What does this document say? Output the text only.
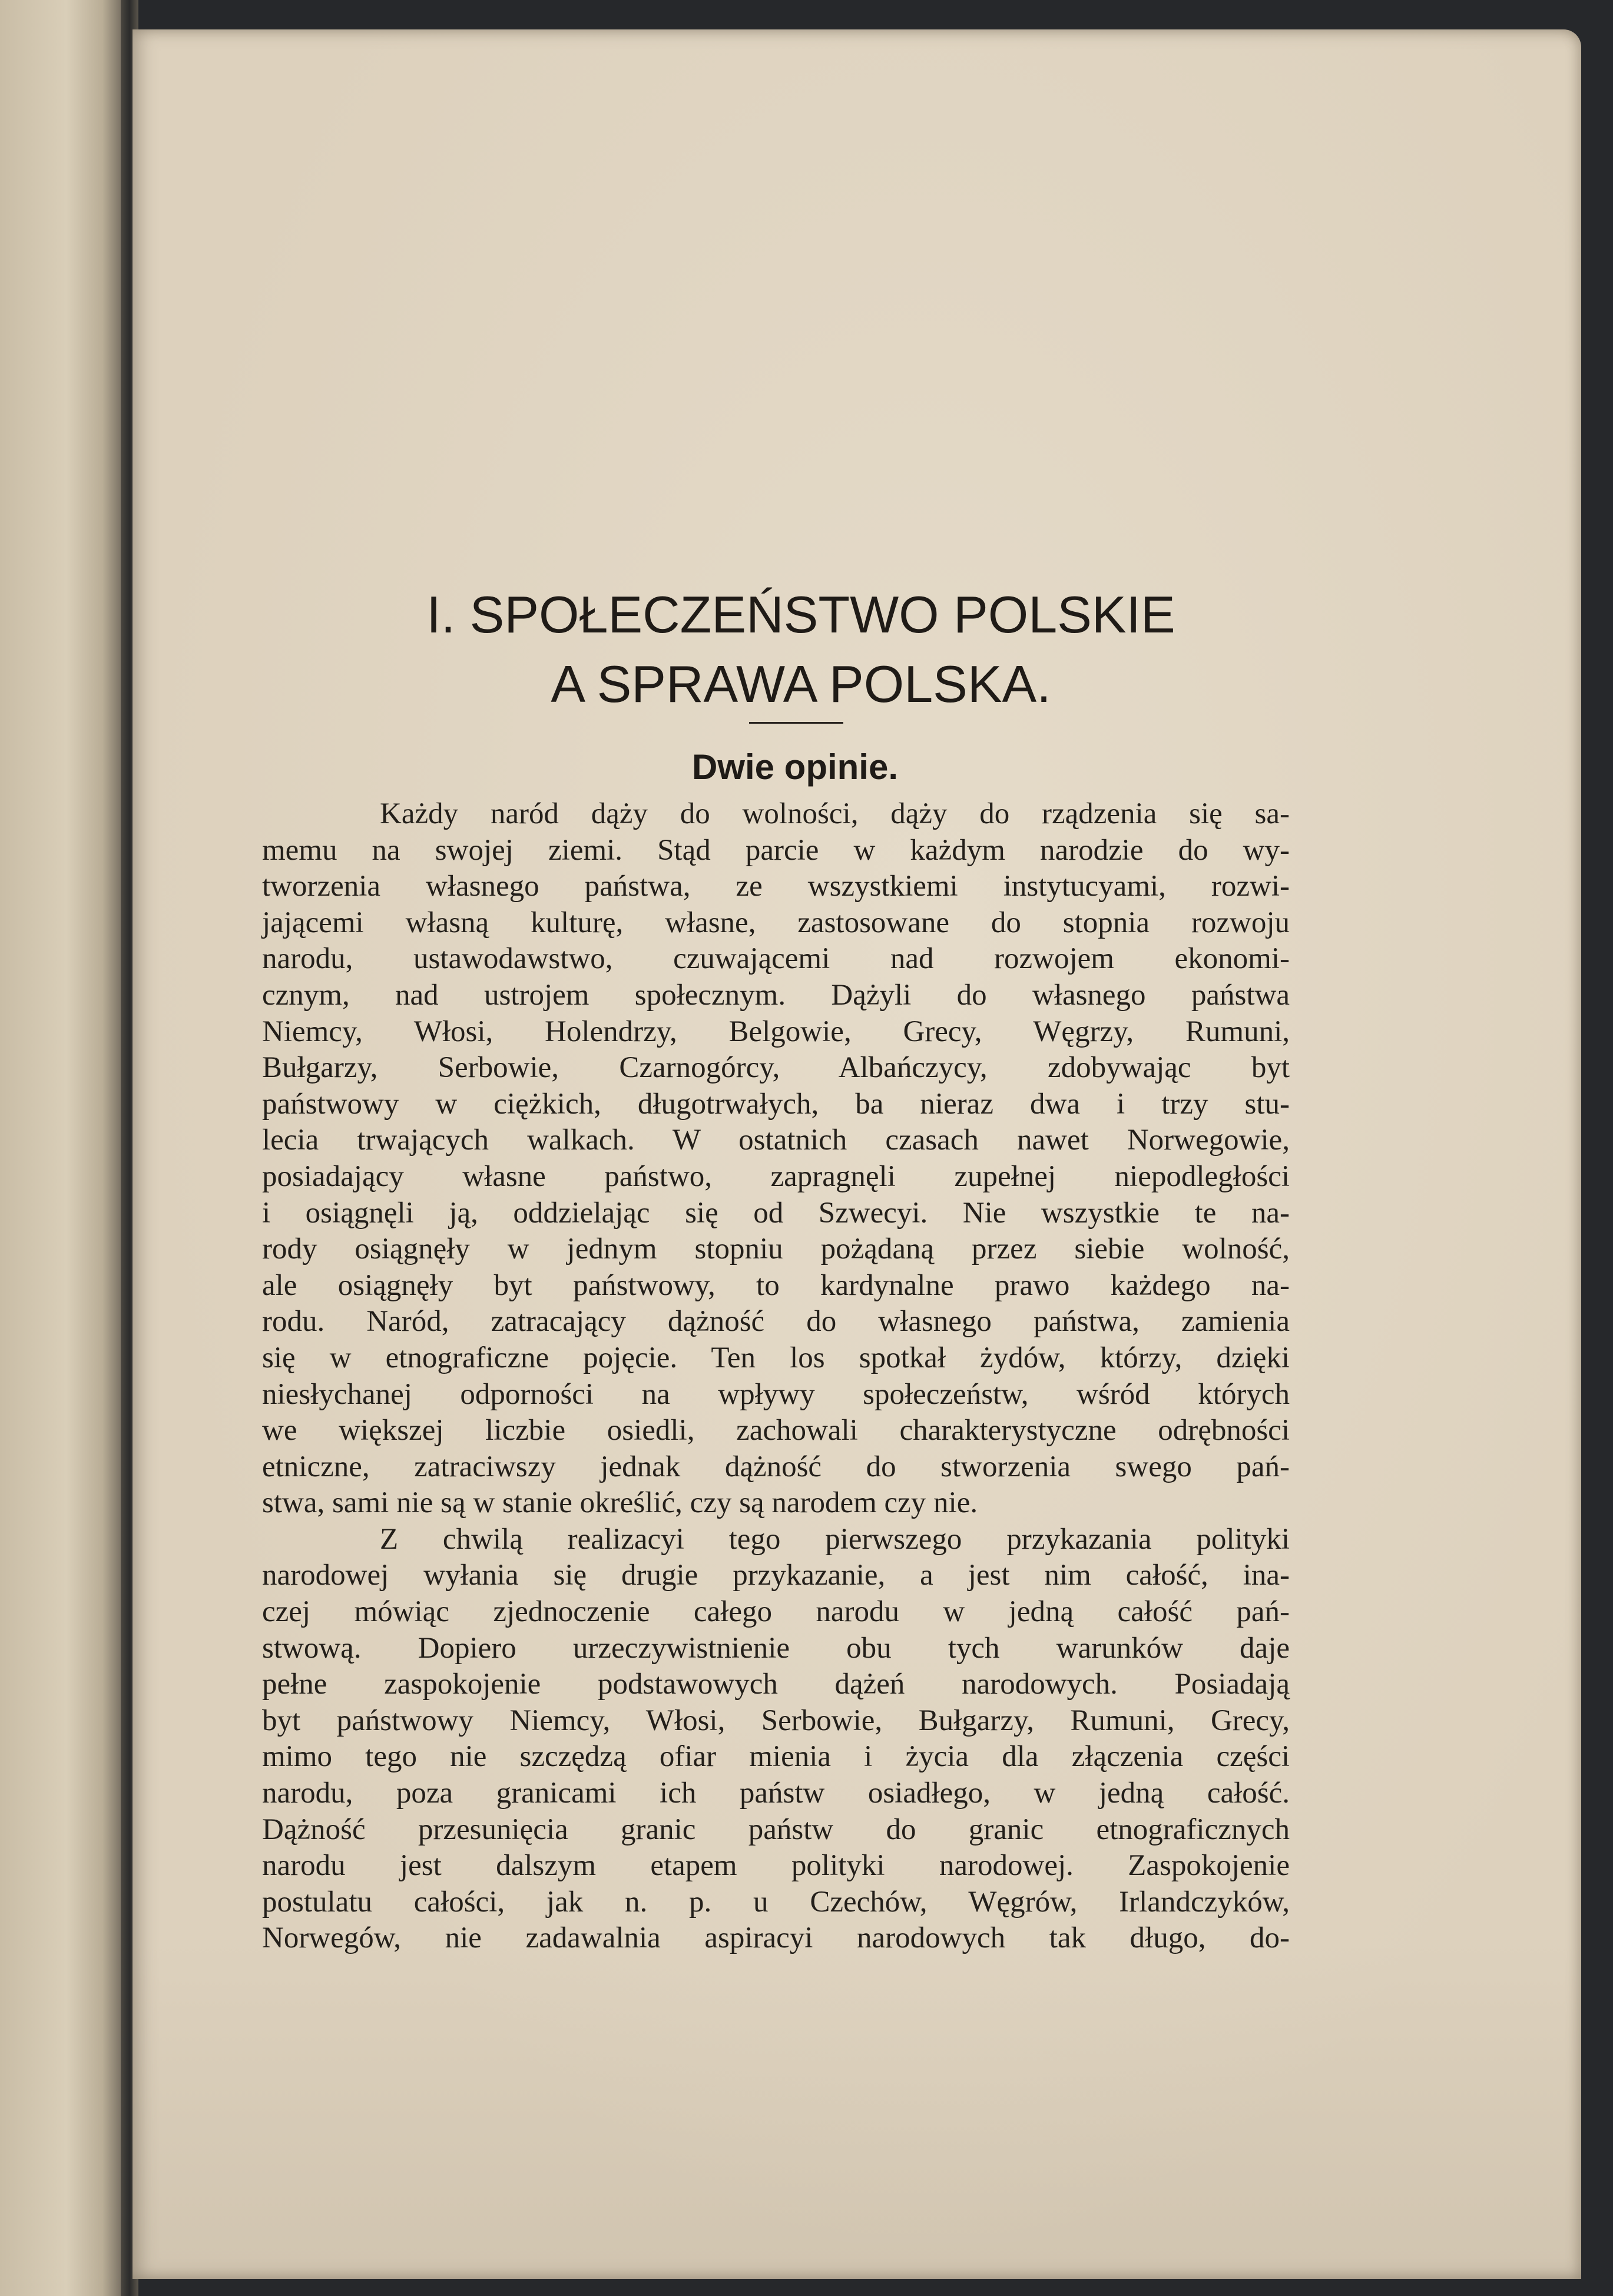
I. SPOŁECZEŃSTWO POLSKIE
A SPRAWA POLSKA.
Dwie opinie.
Każdy naród dąży do wolności, dąży do rządzenia się sa-
memu na swojej ziemi. Stąd parcie w każdym narodzie do wy-
tworzenia własnego państwa, ze wszystkiemi instytucyami, rozwi-
jającemi własną kulturę, własne, zastosowane do stopnia rozwoju
narodu, ustawodawstwo, czuwającemi nad rozwojem ekonomi-
cznym, nad ustrojem społecznym. Dążyli do własnego państwa
Niemcy, Włosi, Holendrzy, Belgowie, Grecy, Węgrzy, Rumuni,
Bułgarzy, Serbowie, Czarnogórcy, Albańczycy, zdobywając byt
państwowy w ciężkich, długotrwałych, ba nieraz dwa i trzy stu-
lecia trwających walkach. W ostatnich czasach nawet Norwegowie,
posiadający własne państwo, zapragnęli zupełnej niepodległości
i osiągnęli ją, oddzielając się od Szwecyi. Nie wszystkie te na-
rody osiągnęły w jednym stopniu pożądaną przez siebie wolność,
ale osiągnęły byt państwowy, to kardynalne prawo każdego na-
rodu. Naród, zatracający dążność do własnego państwa, zamienia
się w etnograficzne pojęcie. Ten los spotkał żydów, którzy, dzięki
niesłychanej odporności na wpływy społeczeństw, wśród których
we większej liczbie osiedli, zachowali charakterystyczne odrębności
etniczne, zatraciwszy jednak dążność do stworzenia swego pań-
stwa, sami nie są w stanie określić, czy są narodem czy nie.
Z chwilą realizacyi tego pierwszego przykazania polityki
narodowej wyłania się drugie przykazanie, a jest nim całość, ina-
czej mówiąc zjednoczenie całego narodu w jedną całość pań-
stwową. Dopiero urzeczywistnienie obu tych warunków daje
pełne zaspokojenie podstawowych dążeń narodowych. Posiadają
byt państwowy Niemcy, Włosi, Serbowie, Bułgarzy, Rumuni, Grecy,
mimo tego nie szczędzą ofiar mienia i życia dla złączenia części
narodu, poza granicami ich państw osiadłego, w jedną całość.
Dążność przesunięcia granic państw do granic etnograficznych
narodu jest dalszym etapem polityki narodowej. Zaspokojenie
postulatu całości, jak n. p. u Czechów, Węgrów, Irlandczyków,
Norwegów, nie zadawalnia aspiracyi narodowych tak długo, do-
